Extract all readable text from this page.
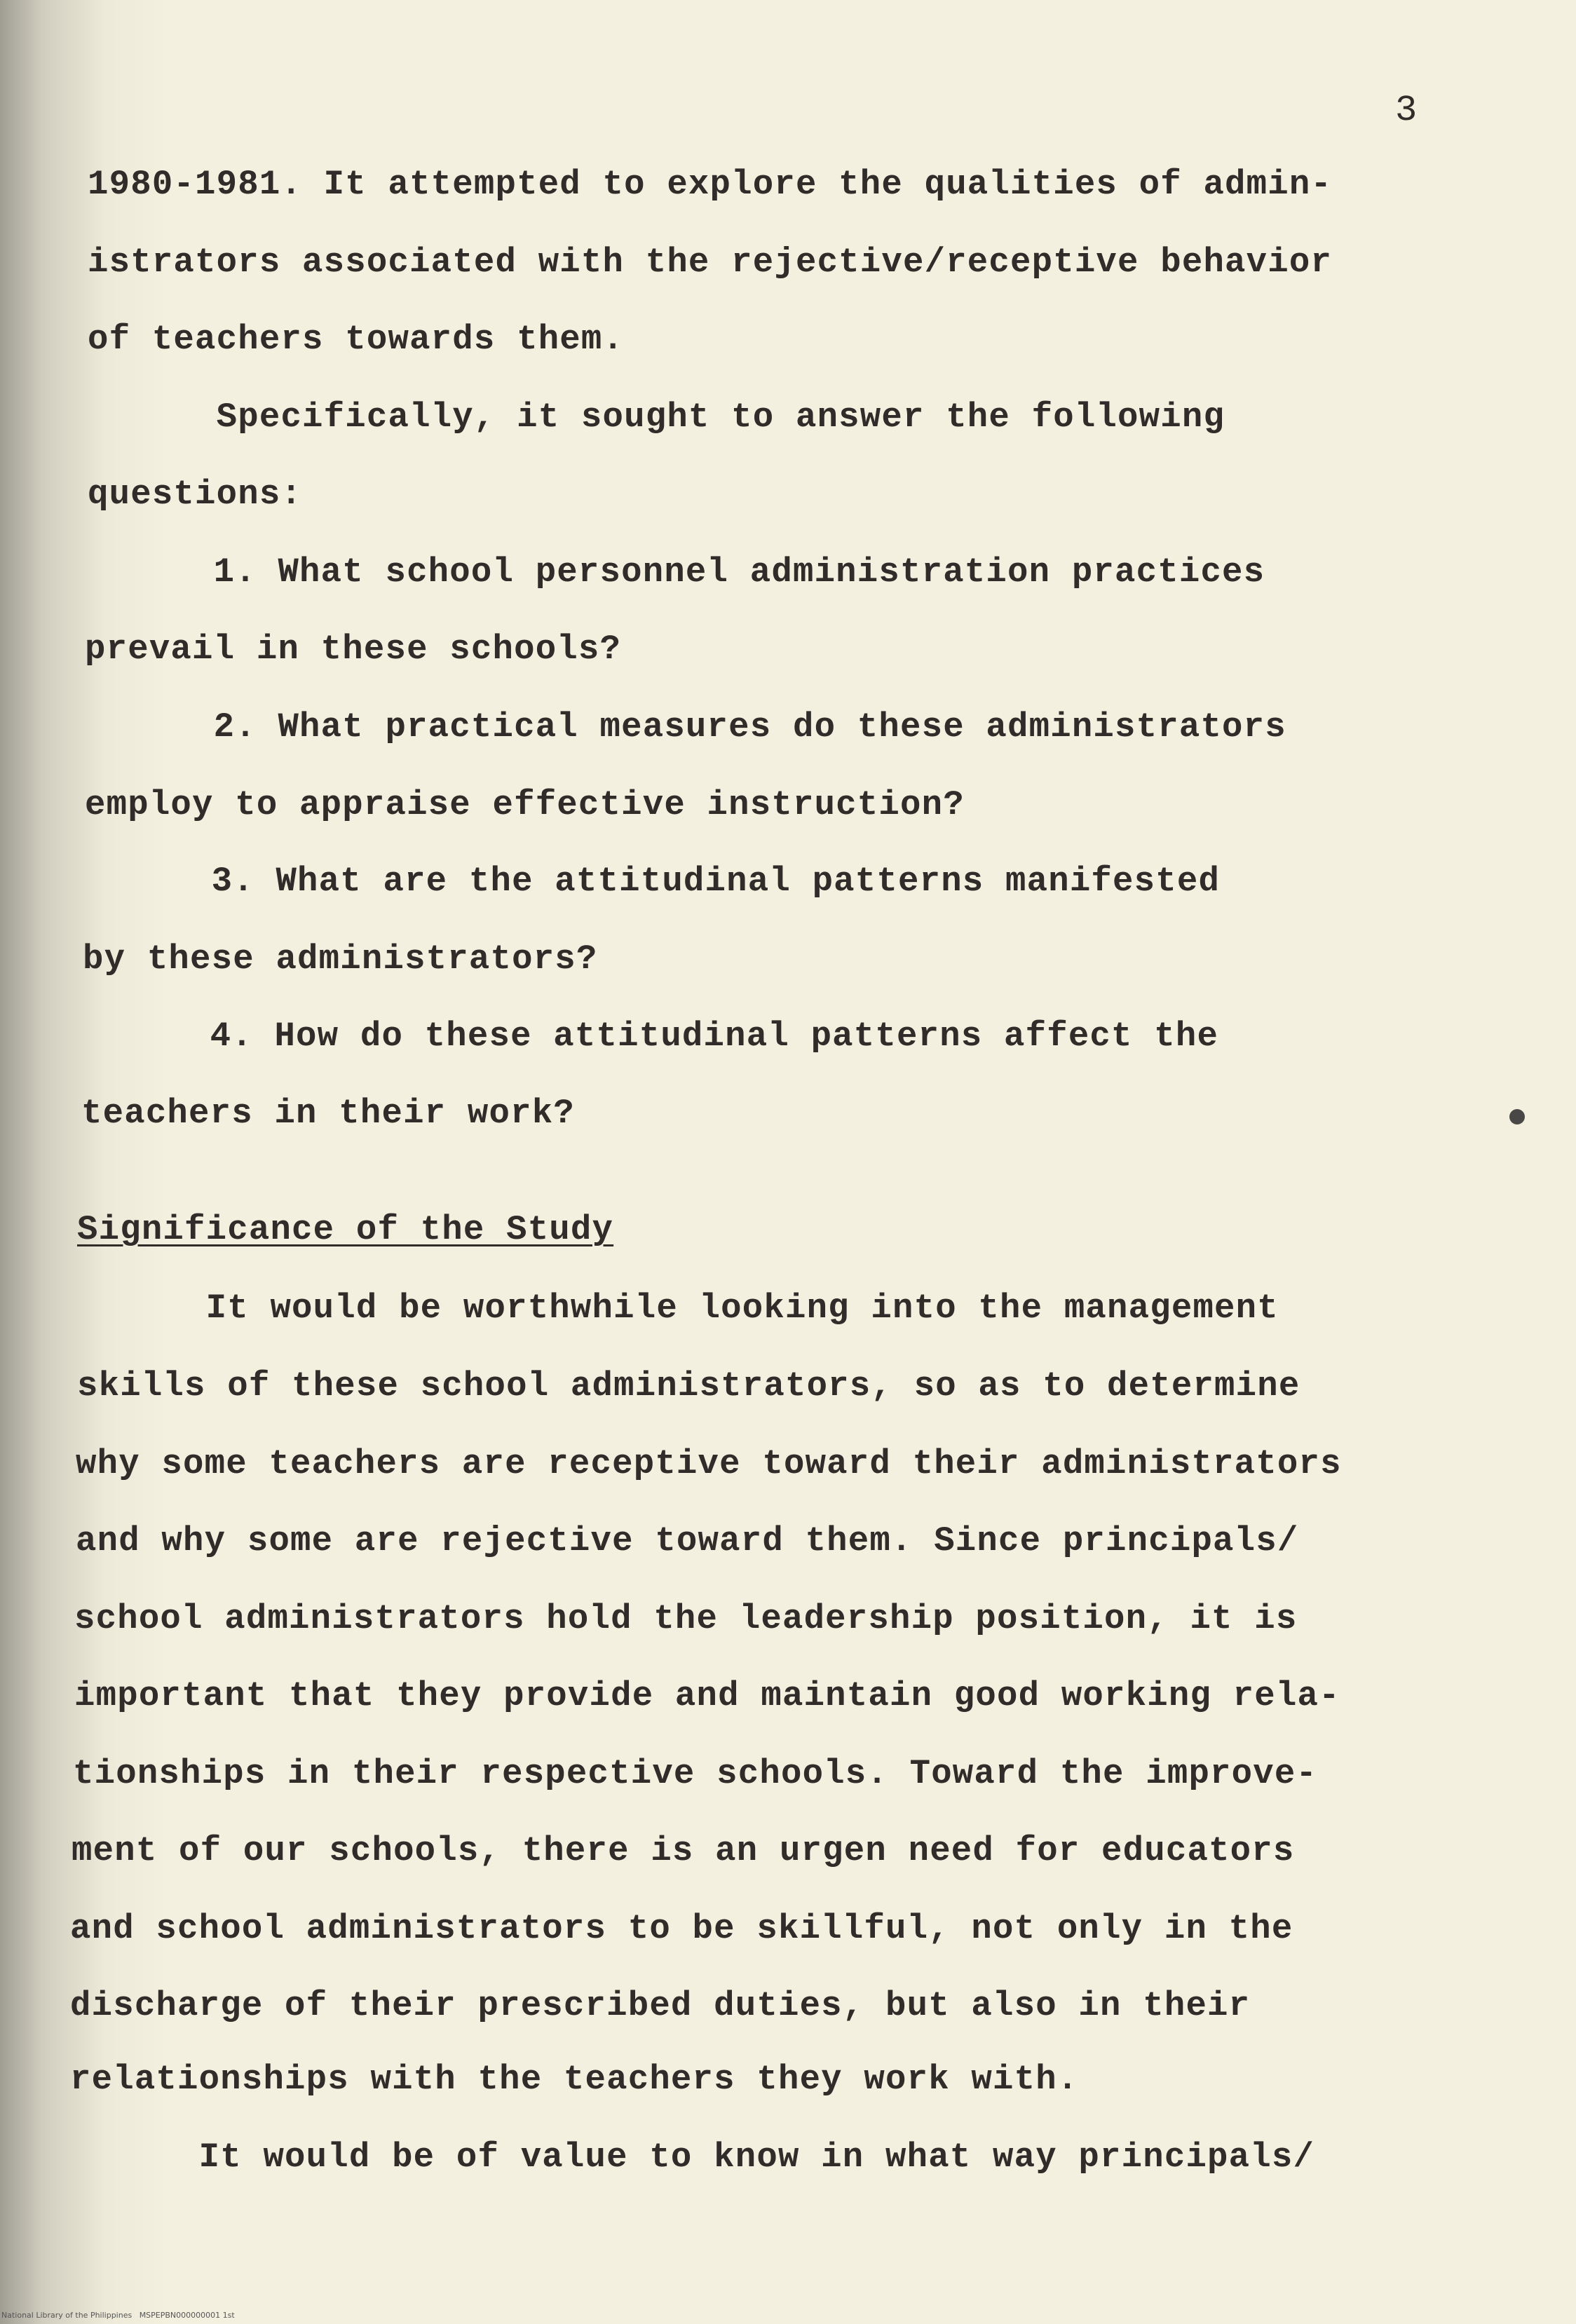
3
1980-1981. It attempted to explore the qualities of admin-
istrators associated with the rejective/receptive behavior
of teachers towards them.
Specifically, it sought to answer the following
questions:
1. What school personnel administration practices
prevail in these schools?
2. What practical measures do these administrators
employ to appraise effective instruction?
3. What are the attitudinal patterns manifested
by these administrators?
4. How do these attitudinal patterns affect the
teachers in their work?
Significance of the Study
It would be worthwhile looking into the management
skills of these school administrators, so as to determine
why some teachers are receptive toward their administrators
and why some are rejective toward them. Since principals/
school administrators hold the leadership position, it is
important that they provide and maintain good working rela-
tionships in their respective schools. Toward the improve-
ment of our schools, there is an urgen need for educators
and school administrators to be skillful, not only in the
discharge of their prescribed duties, but also in their
relationships with the teachers they work with.
It would be of value to know in what way principals/
National Library of the Philippines   MSPEPBN000000001 1st
